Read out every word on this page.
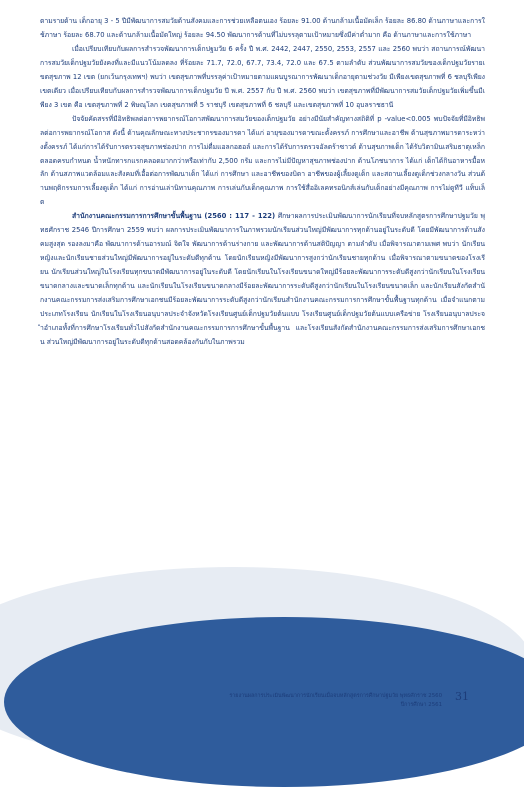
ตามรายด้าน เด็กอายุ 3 - 5 ปีมีพัฒนาการสมวัยด้านสังคมและการช่วยเหลือตนเอง ร้อยละ 91.00 ด้านกล้ามเนื้อมัดเล็ก ร้อยละ 86.80 ด้านภาษาและการใช้ภาษา ร้อยละ 68.70 และด้านกล้ามเนื้อมัดใหญ่ ร้อยละ 94.50 พัฒนาการด้านที่ไม่บรรลุตามเป้าหมายซึ่งมีค่าต่ำมาก คือ ด้านภาษาและการใช้ภาษา

เมื่อเปรียบเทียบกับผลการสำรวจพัฒนาการเด็กปฐมวัย 6 ครั้ง ปี พ.ศ. 2442, 2447, 2550, 2553, 2557 และ 2560 พบว่า สถานการณ์พัฒนาการสมวัยเด็กปฐมวัยยังคงที่และมีแนวโน้มลดลง ที่ร้อยละ 71.7, 72.0, 67.7, 73.4, 72.0 และ 67.5 ตามลำดับ ส่วนพัฒนาการสมวัยของเด็กปฐมวัยรายเขตสุขภาพ 12 เขต (ยกเว้นกรุงเทพฯ) พบว่า เขตสุขภาพที่บรรลุค่าเป้าหมายตามแผนบูรณาการพัฒนาเด็กอายุตามช่วงวัย มีเพียงเขตสุขภาพที่ 6 ชลบุรีเพียงเขตเดียว เมื่อเปรียบเทียบกับผลการสำรวจพัฒนาการเด็กปฐมวัย ปี พ.ศ. 2557 กับ ปี พ.ศ. 2560 พบว่า เขตสุขภาพที่มีพัฒนาการสมวัยเด็กปฐมวัยเพิ่มขึ้นมีเพียง 3 เขต คือ เขตสุขภาพที่ 2 พิษณุโลก เขตสุขภาพที่ 5 ราชบุรี เขตสุขภาพที่ 6 ชลบุรี และเขตสุขภาพที่ 10 อุบลราชธานี

ปัจจัยคัดสรรที่มีอิทธิพลต่อการพยากรณ์โอกาสพัฒนาการสมวัยของเด็กปฐมวัย อย่างมีนัยสำคัญทางสถิติที่ p -value<0.005 พบปัจจัยที่มีอิทธิพลต่อการพยากรณ์โอกาส ดังนี้ ด้านคุณลักษณะทางประชากรของมารดา ได้แก่ อายุของมารดาขณะตั้งครรภ์ การศึกษาและอาชีพ ด้านสุขภาพมารดาระหว่างตั้งครรภ์ ได้แก่การได้รับการตรวจสุขภาพช่องปาก การไม่ดื่มแอลกอฮอล์ และการได้รับการตรวจอัลตร้าซาวด์ ด้านสุขภาพเด็ก ได้รับวิตามินเสริมธาตุเหล็ก ตลอดครบกำหนด น้ำหนักทารกแรกคลอดมากกว่าหรือเท่ากับ 2,500 กรัม และการไม่มีปัญหาสุขภาพช่องปาก ด้านโภชนาการ ได้แก่ เด็กได้กินอาหารมื้อหลัก ด้านสภาพแวดล้อมและสังคมที่เอื้อต่อการพัฒนาเด็ก ได้แก่ การศึกษา และอาชีพของบิดา อาชีพของผู้เลี้ยงดูเด็ก และสถานเลี้ยงดูเด็กช่วงกลางวัน ส่วนด้านพฤติกรรมการเลี้ยงดูเด็ก ได้แก่ การอ่านเล่านิทานคุณภาพ การเล่นกับเด็กคุณภาพ การใช้สื่ออิเลคทรอนิกส์เล่นกับเด็กอย่างมีคุณภาพ การไม่ดูทีวี แท็บเล็ต

สำนักงานคณะกรรมการการศึกษาขั้นพื้นฐาน (2560 : 117 - 122) ศึกษาผลการประเมินพัฒนาการนักเรียนที่จบหลักสูตรการศึกษาปฐมวัย พุทธศักราช 2546 ปีการศึกษา 2559 พบว่า ผลการประเมินพัฒนาการในภาพรวมนักเรียนส่วนใหญ่มีพัฒนาการทุกด้านอยู่ในระดับดี โดยมีพัฒนาการด้านสังคมสูงสุด รองลงมาคือ พัฒนาการด้านอารมณ์ จิตใจ พัฒนาการด้านร่างกาย และพัฒนาการด้านสติปัญญา ตามลำดับ เมื่อพิจารณาตามเพศ พบว่า นักเรียนหญิงและนักเรียนชายส่วนใหญ่มีพัฒนาการอยู่ในระดับดีทุกด้าน โดยนักเรียนหญิงมีพัฒนาการสูงกว่านักเรียนชายทุกด้าน เมื่อพิจารณาตามขนาดของโรงเรียน นักเรียนส่วนใหญ่ในโรงเรียนทุกขนาดมีพัฒนาการอยู่ในระดับดี โดยนักเรียนในโรงเรียนขนาดใหญ่มีร้อยละพัฒนาการระดับดีสูงกว่านักเรียนในโรงเรียนขนาดกลางและขนาดเล็กทุกด้าน และนักเรียนในโรงเรียนขนาดกลางมีร้อยละพัฒนาการระดับดีสูงกว่านักเรียนในโรงเรียนขนาดเล็ก และนักเรียนสังกัดสำนักงานคณะกรรมการส่งเสริมการศึกษาเอกชนมีร้อยละพัฒนาการระดับดีสูงกว่านักเรียนสำนักงานคณะกรรมการการศึกษาขั้นพื้นฐานทุกด้าน เมื่อจำแนกตามประเภทโรงเรียน นักเรียนในโรงเรียนอนุบาลประจำจังหวัดโรงเรียนศูนย์เด็กปฐมวัยต้นแบบ โรงเรียนศูนย์เด็กปฐมวัยต้นแบบเครือข่าย โรงเรียนอนุบาลประจำอำเภอทั้งที่การศึกษาโรงเรียนทั่วไปสังกัดสำนักงานคณะกรรมการการศึกษาขั้นพื้นฐาน และโรงเรียนสังกัดสำนักงานคณะกรรมการส่งเสริมการศึกษาเอกชน ส่วนใหญ่มีพัฒนาการอยู่ในระดับดีทุกด้านสอดคล้องกันกับในภาพรวม

รายงานผลการประเมินพัฒนาการนักเรียนเมื่อจบหลักสูตรการศึกษาปฐมวัย พุทธศักราช 2560
ปีการศึกษา 2561
31
